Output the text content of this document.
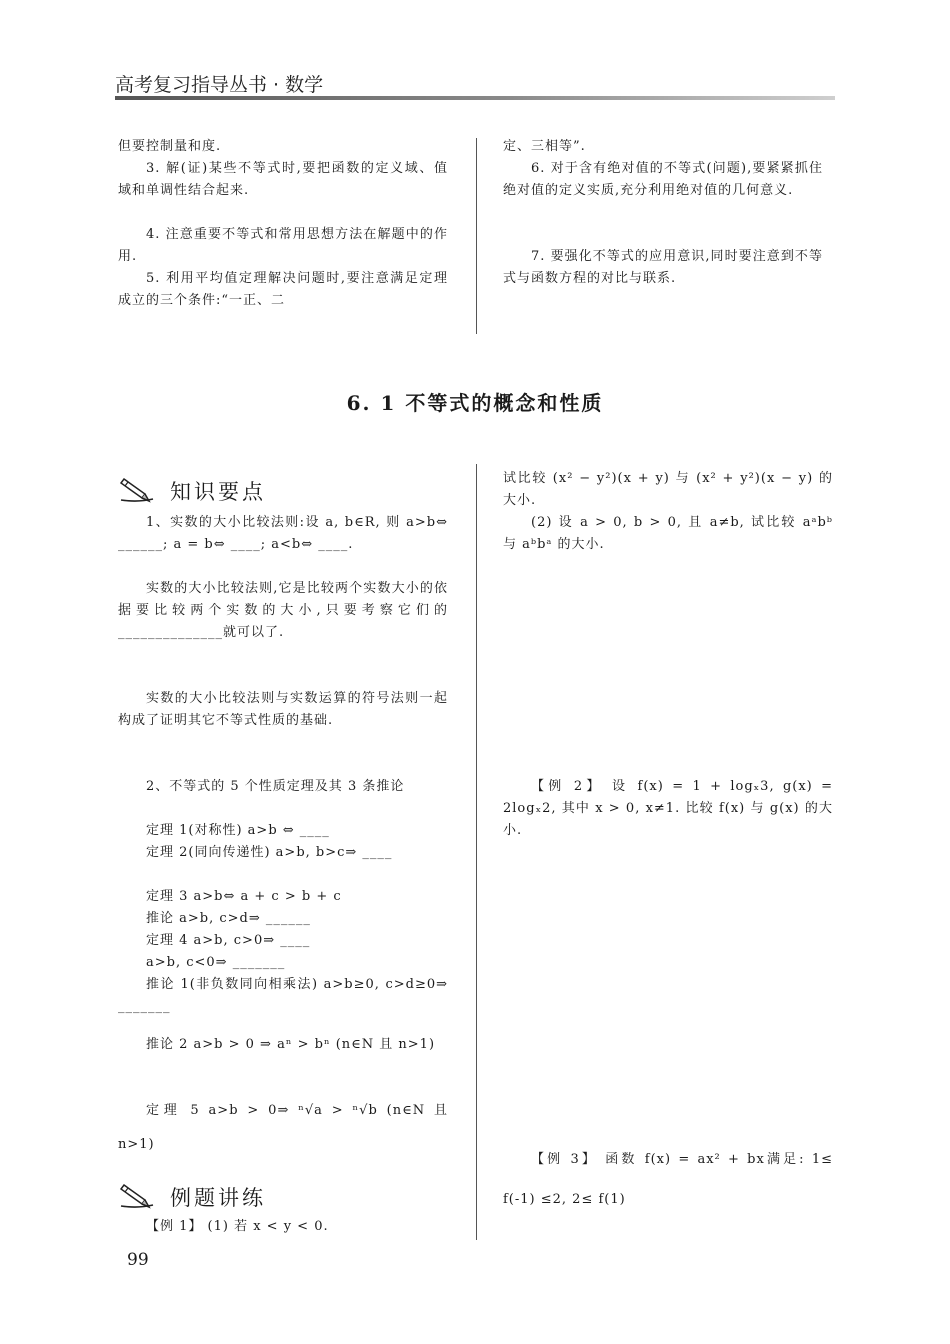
高考复习指导丛书 · 数学

但要控制量和度.

3. 解(证)某些不等式时,要把函数的定义域、值域和单调性结合起来.

4. 注意重要不等式和常用思想方法在解题中的作用.

5. 利用平均值定理解决问题时,要注意满足定理成立的三个条件:“一正、二

定、三相等”.

6. 对于含有绝对值的不等式(问题),要紧紧抓住绝对值的定义实质,充分利用绝对值的几何意义.

7. 要强化不等式的应用意识,同时要注意到不等式与函数方程的对比与联系.

6. 1 不等式的概念和性质
知识要点

1、实数的大小比较法则:设 a, b∈R, 则 a>b⇔ ______; a = b⇔ ____; a<b⇔ ____.

实数的大小比较法则,它是比较两个实数大小的依据要比较两个实数的大小,只要考察它们的 ______________就可以了.

实数的大小比较法则与实数运算的符号法则一起构成了证明其它不等式性质的基础.

2、不等式的 5 个性质定理及其 3 条推论

定理 1(对称性) a>b ⇔ ____

定理 2(同向传递性) a>b, b>c⇒ ____

定理 3 a>b⇔ a + c > b + c

推论 a>b, c>d⇒ ______

定理 4 a>b, c>0⇒ ____

a>b, c<0⇒ _______

推论 1(非负数同向相乘法) a>b≥0, c>d≥0⇒ _______

推论 2 a>b > 0 ⇒ aⁿ > bⁿ (n∈N 且 n>1)

定理 5 a>b > 0⇒ ⁿ√a > ⁿ√b (n∈N 且 n>1)

例题讲练

【例 1】 (1) 若 x < y < 0.

试比较 (x² − y²)(x + y) 与 (x² + y²)(x − y) 的大小.

(2) 设 a > 0, b > 0, 且 a≠b, 试比较 aᵃbᵇ 与 aᵇbᵃ 的大小.

【例 2】 设 f(x) = 1 + logₓ3, g(x) = 2logₓ2, 其中 x > 0, x≠1. 比较 f(x) 与 g(x) 的大小.

【例 3】 函数 f(x) = ax² + bx满足: 1≤ f(-1) ≤2, 2≤ f(1)

99
